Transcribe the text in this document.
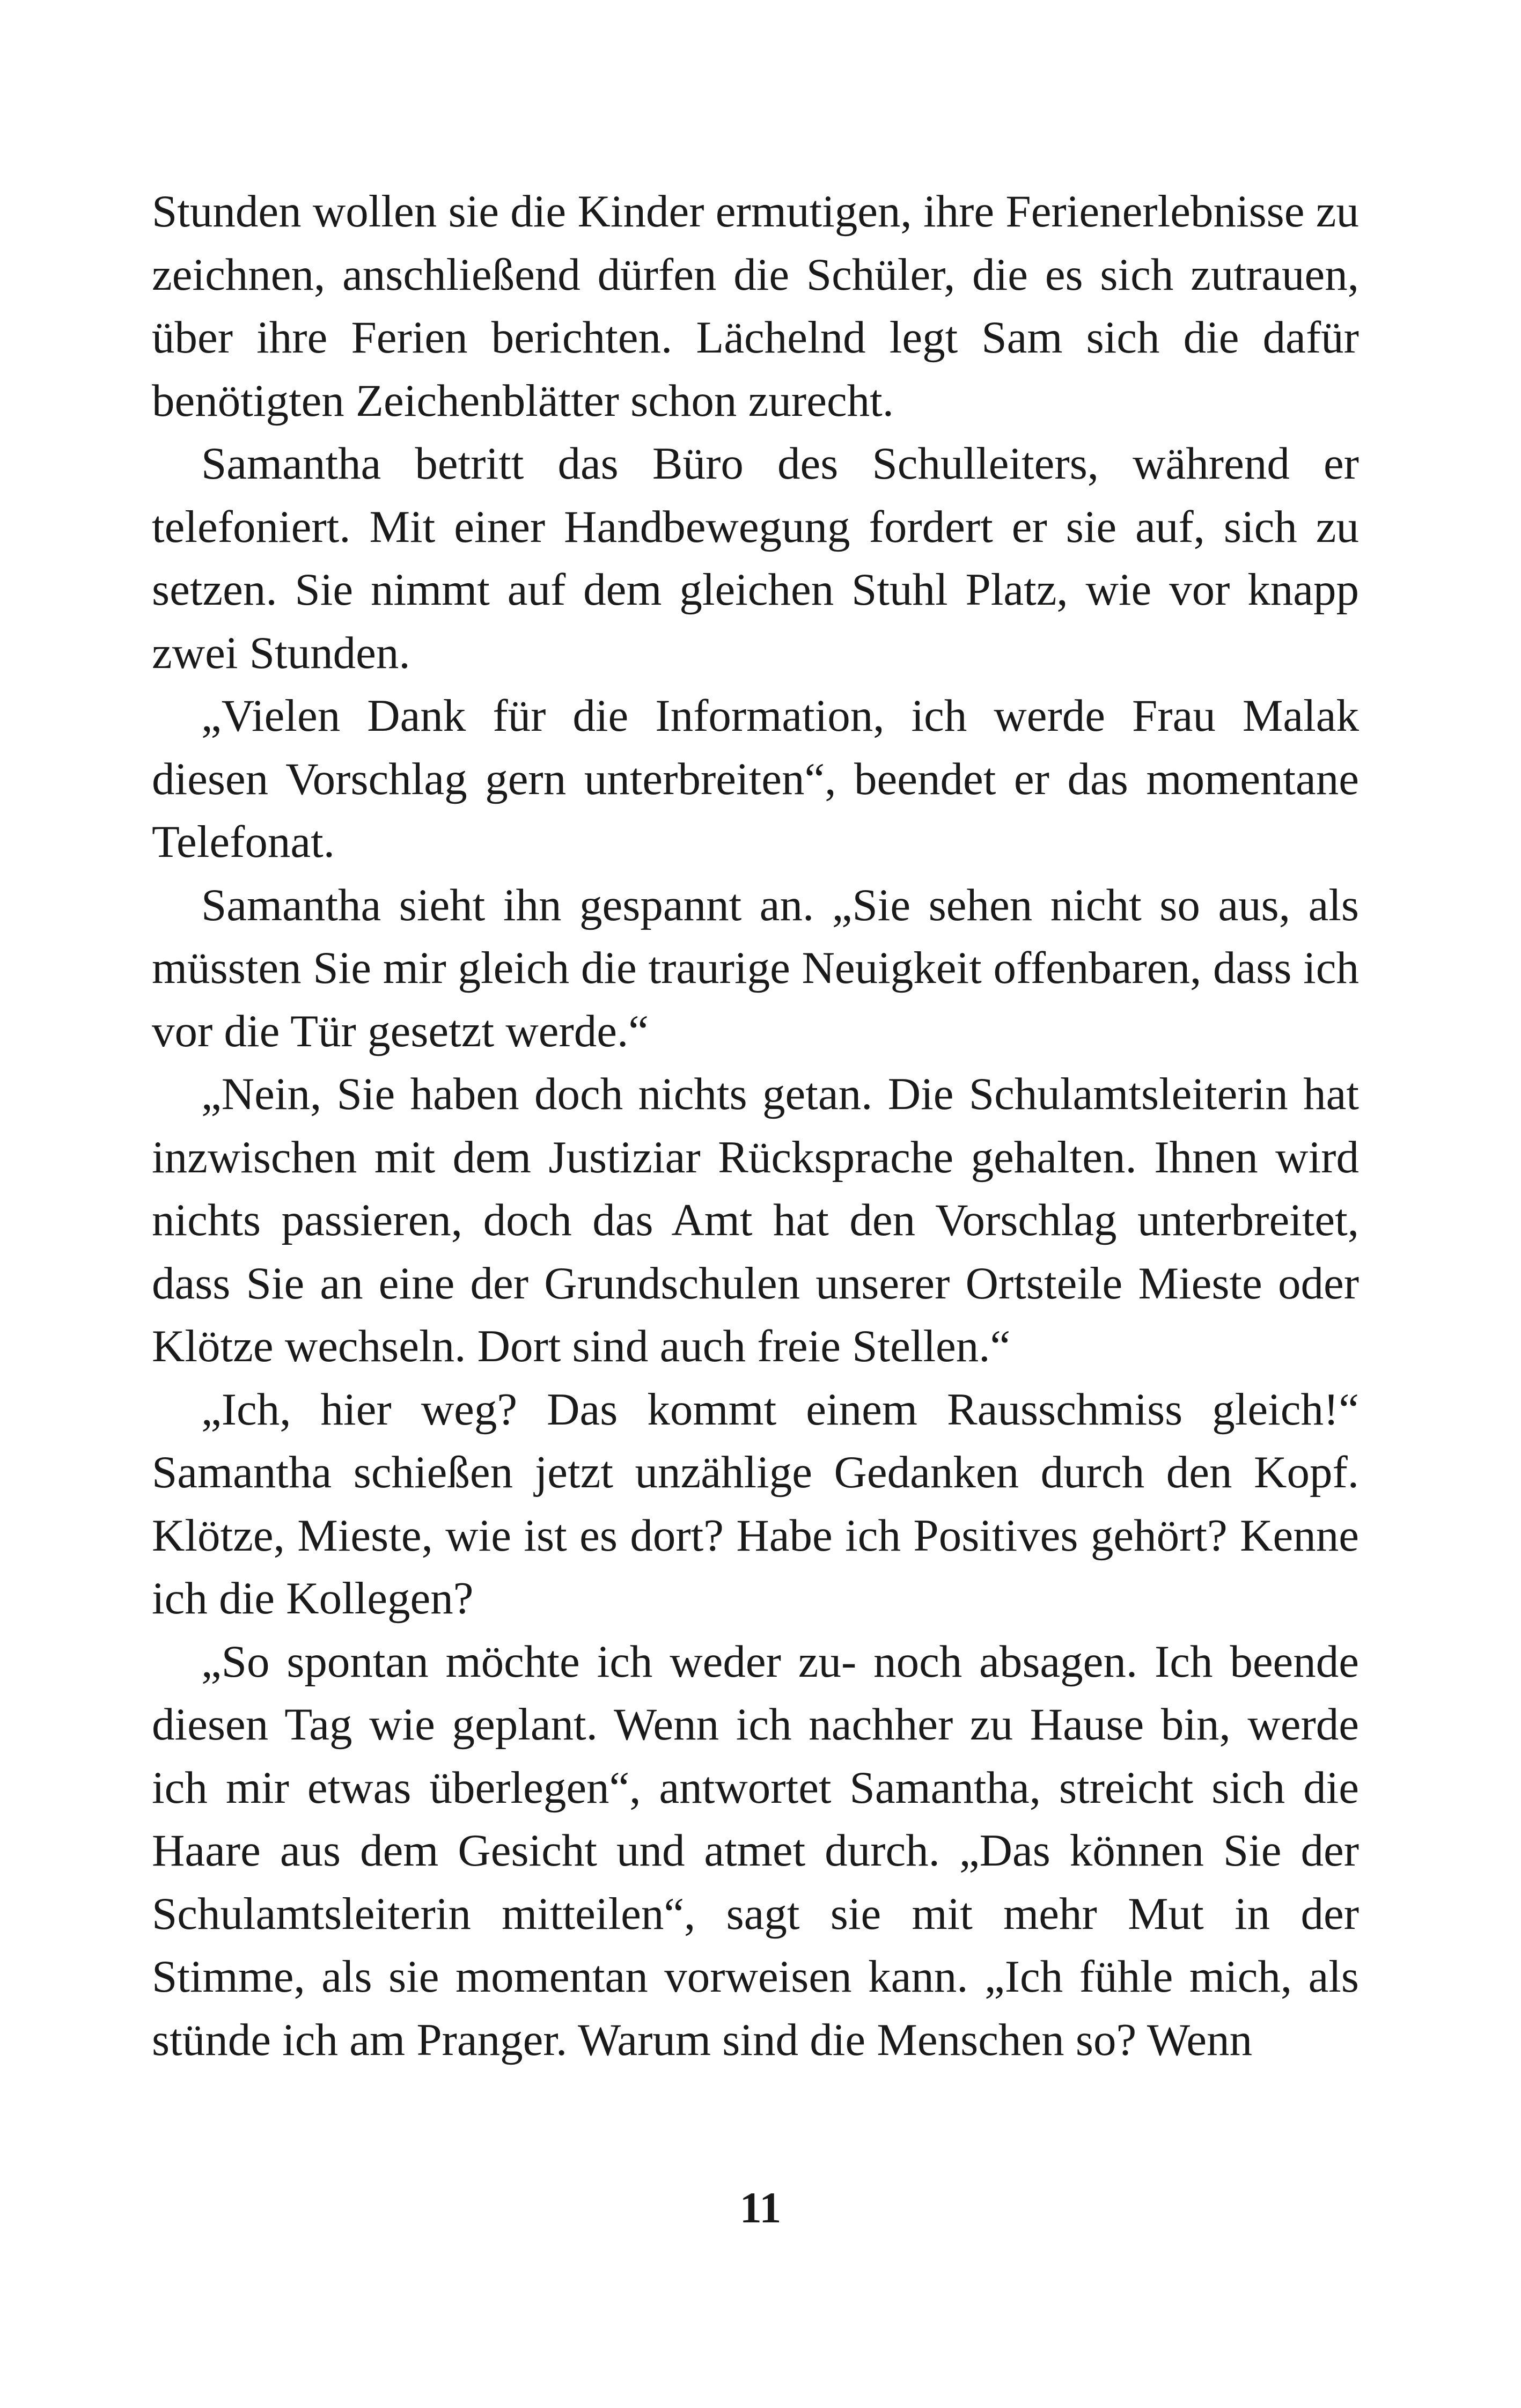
Stunden wollen sie die Kinder ermutigen, ihre Ferienerlebnisse zu zeichnen, anschließend dürfen die Schüler, die es sich zutrauen, über ihre Ferien berichten. Lächelnd legt Sam sich die dafür benötigten Zeichenblätter schon zurecht.

Samantha betritt das Büro des Schulleiters, während er telefoniert. Mit einer Handbewegung fordert er sie auf, sich zu setzen. Sie nimmt auf dem gleichen Stuhl Platz, wie vor knapp zwei Stunden.

„Vielen Dank für die Information, ich werde Frau Malak diesen Vorschlag gern unterbreiten“, beendet er das momentane Telefonat.

Samantha sieht ihn gespannt an. „Sie sehen nicht so aus, als müssten Sie mir gleich die traurige Neuigkeit offenbaren, dass ich vor die Tür gesetzt werde.“

„Nein, Sie haben doch nichts getan. Die Schulamtsleiterin hat inzwischen mit dem Justiziar Rücksprache gehalten. Ihnen wird nichts passieren, doch das Amt hat den Vorschlag unterbreitet, dass Sie an eine der Grundschulen unserer Ortsteile Mieste oder Klötze wechseln. Dort sind auch freie Stellen.“

„Ich, hier weg? Das kommt einem Rausschmiss gleich!“ Samantha schießen jetzt unzählige Gedanken durch den Kopf. Klötze, Mieste, wie ist es dort? Habe ich Positives gehört? Kenne ich die Kollegen?

„So spontan möchte ich weder zu- noch absagen. Ich beende diesen Tag wie geplant. Wenn ich nachher zu Hause bin, werde ich mir etwas überlegen“, antwortet Samantha, streicht sich die Haare aus dem Gesicht und atmet durch. „Das können Sie der Schulamtsleiterin mitteilen“, sagt sie mit mehr Mut in der Stimme, als sie momentan vorweisen kann. „Ich fühle mich, als stünde ich am Pranger. Warum sind die Menschen so? Wenn

11
